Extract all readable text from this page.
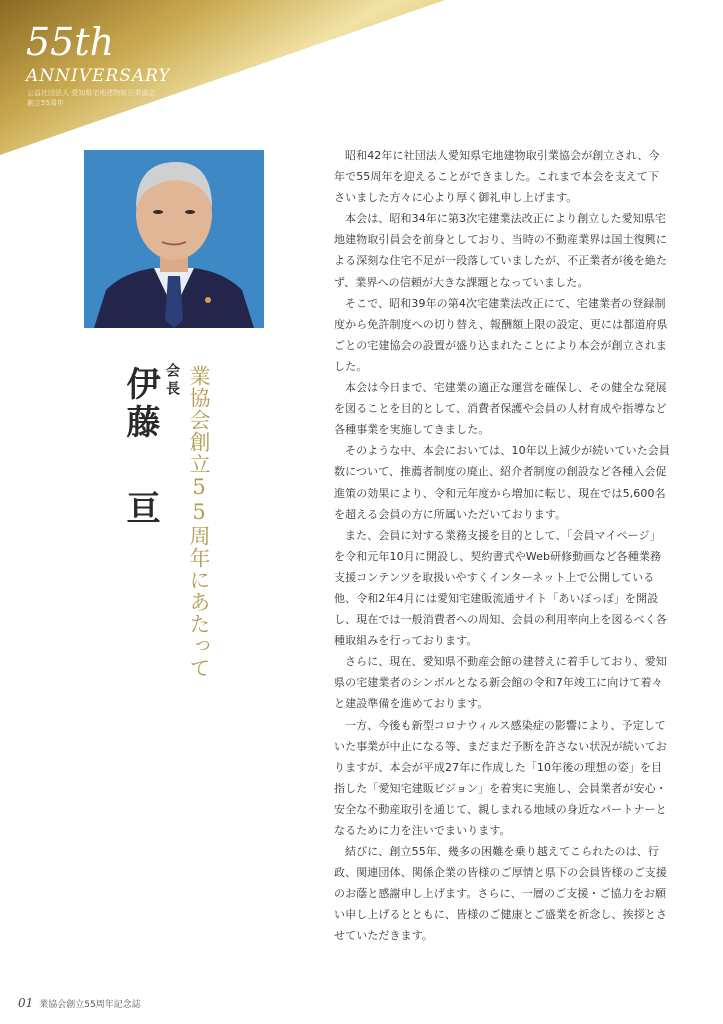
55th
ANNIVERSARY
公益社団法人 愛知県宅地建物取引業協会
創立55周年
業協会創立55周年にあたって
会長
伊藤亘

昭和42年に社団法人愛知県宅地建物取引業協会が創立され、今年で55周年を迎えることができました。これまで本会を支えて下さいました方々に心より厚く御礼申し上げます。

本会は、昭和34年に第3次宅建業法改正により創立した愛知県宅地建物取引員会を前身としており、当時の不動産業界は国土復興による深刻な住宅不足が一段落していましたが、不正業者が後を絶たず、業界への信頼が大きな課題となっていました。

そこで、昭和39年の第4次宅建業法改正にて、宅建業者の登録制度から免許制度への切り替え、報酬額上限の設定、更には都道府県ごとの宅建協会の設置が盛り込まれたことにより本会が創立されました。

本会は今日まで、宅建業の適正な運営を確保し、その健全な発展を図ることを目的として、消費者保護や会員の人材育成や指導など各種事業を実施してきました。

そのような中、本会においては、10年以上減少が続いていた会員数について、推薦者制度の廃止、紹介者制度の創設など各種入会促進策の効果により、令和元年度から増加に転じ、現在では5,600名を超える会員の方に所属いただいております。

また、会員に対する業務支援を目的として、「会員マイページ」を令和元年10月に開設し、契約書式やWeb研修動画など各種業務支援コンテンツを取扱いやすくインターネット上で公開している他、令和2年4月には愛知宅建販流通サイト「あいぽっぽ」を開設し、現在では一般消費者への周知、会員の利用率向上を図るべく各種取組みを行っております。

さらに、現在、愛知県不動産会館の建替えに着手しており、愛知県の宅建業者のシンボルとなる新会館の令和7年竣工に向けて着々と建設準備を進めております。

一方、今後も新型コロナウィルス感染症の影響により、予定していた事業が中止になる等、まだまだ予断を許さない状況が続いておりますが、本会が平成27年に作成した「10年後の理想の姿」を目指した「愛知宅建販ビジョン」を着実に実施し、会員業者が安心・安全な不動産取引を通じて、親しまれる地域の身近なパートナーとなるために力を注いでまいります。

結びに、創立55年、幾多の困難を乗り越えてこられたのは、行政、関連団体、関係企業の皆様のご厚情と県下の会員皆様のご支援のお蔭と感謝申し上げます。さらに、一層のご支援・ご協力をお願い申し上げるとともに、皆様のご健康とご盛業を祈念し、挨拶とさせていただきます。

01 業協会創立55周年記念誌
